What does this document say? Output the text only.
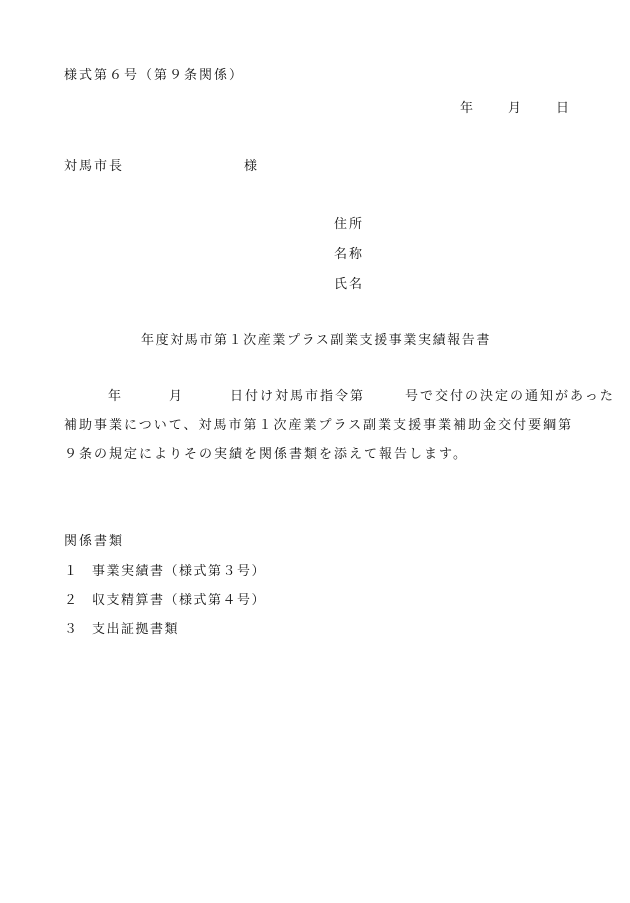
様式第６号（第９条関係）
年	月	日
対馬市長	様
住所
名称
氏名
年度対馬市第１次産業プラス副業支援事業実績報告書
年	月	日付け対馬市指令第	号で交付の決定の通知があった
補助事業について、対馬市第１次産業プラス副業支援事業補助金交付要綱第
９条の規定によりその実績を関係書類を添えて報告します。
関係書類
１ 事業実績書（様式第３号）
２ 収支精算書（様式第４号）
３ 支出証拠書類
